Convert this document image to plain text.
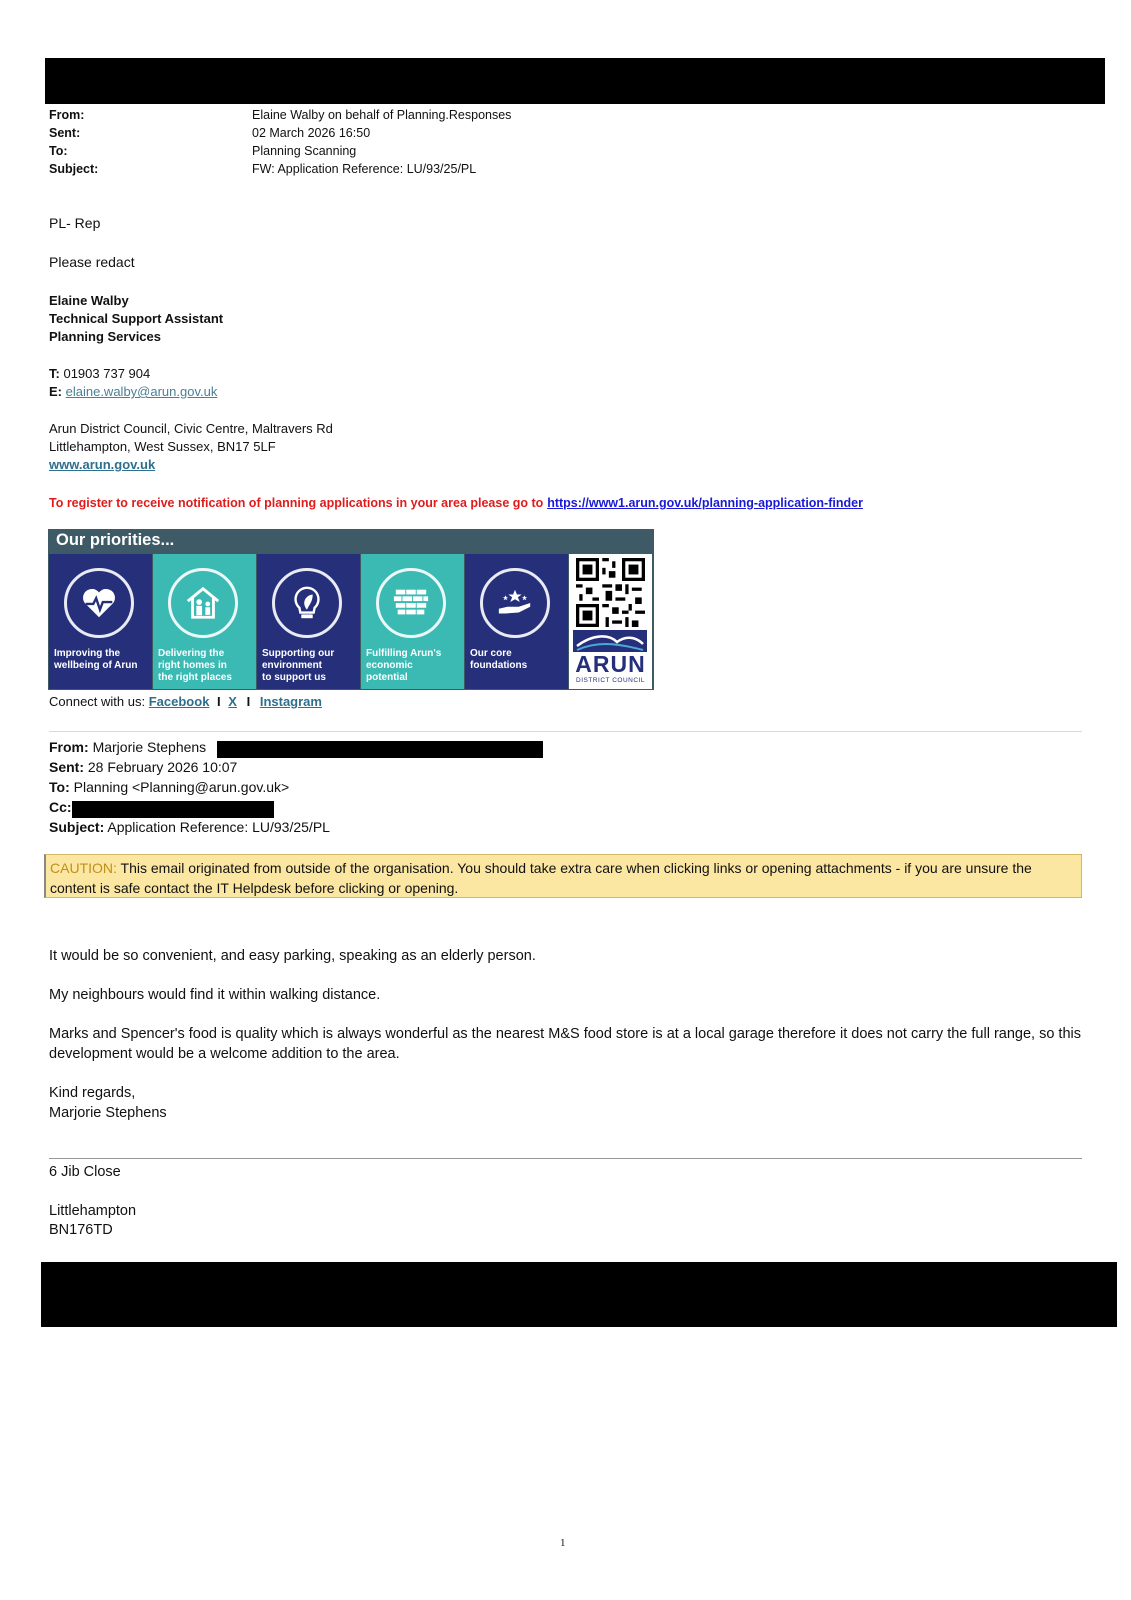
From:	Elaine Walby on behalf of Planning.Responses
Sent:	02 March 2026 16:50
To:	Planning Scanning
Subject:	FW: Application Reference: LU/93/25/PL
PL- Rep
Please redact
Elaine Walby
Technical Support Assistant
Planning Services
T: 01903 737 904
E: elaine.walby@arun.gov.uk
Arun District Council, Civic Centre, Maltravers Rd
Littlehampton, West Sussex, BN17 5LF
www.arun.gov.uk
To register to receive notification of planning applications in your area please go to https://www1.arun.gov.uk/planning-application-finder
Our priorities...
Improving the
wellbeing of Arun
Delivering the
right homes in
the right places
Supporting our
environment
to support us
Fulfilling Arun's
economic
potential
Our core
foundations ARUN
DISTRICT COUNCIL
Connect with us: Facebook I X I Instagram
From: Marjorie Stephens
Sent: 28 February 2026 10:07
To: Planning <Planning@arun.gov.uk>
Cc:
Subject: Application Reference: LU/93/25/PL
CAUTION: This email originated from outside of the organisation. You should take extra care when clicking links or opening attachments - if you are unsure the content is safe contact the IT Helpdesk before clicking or opening.
It would be so convenient, and easy parking, speaking as an elderly person.
My neighbours would find it within walking distance.
Marks and Spencer's food is quality which is always wonderful as the nearest M&S food store is at a local garage therefore it does not carry the full range, so this development would be a welcome addition to the area.
Kind regards,
Marjorie Stephens
6 Jib Close
Littlehampton
BN176TD
1
